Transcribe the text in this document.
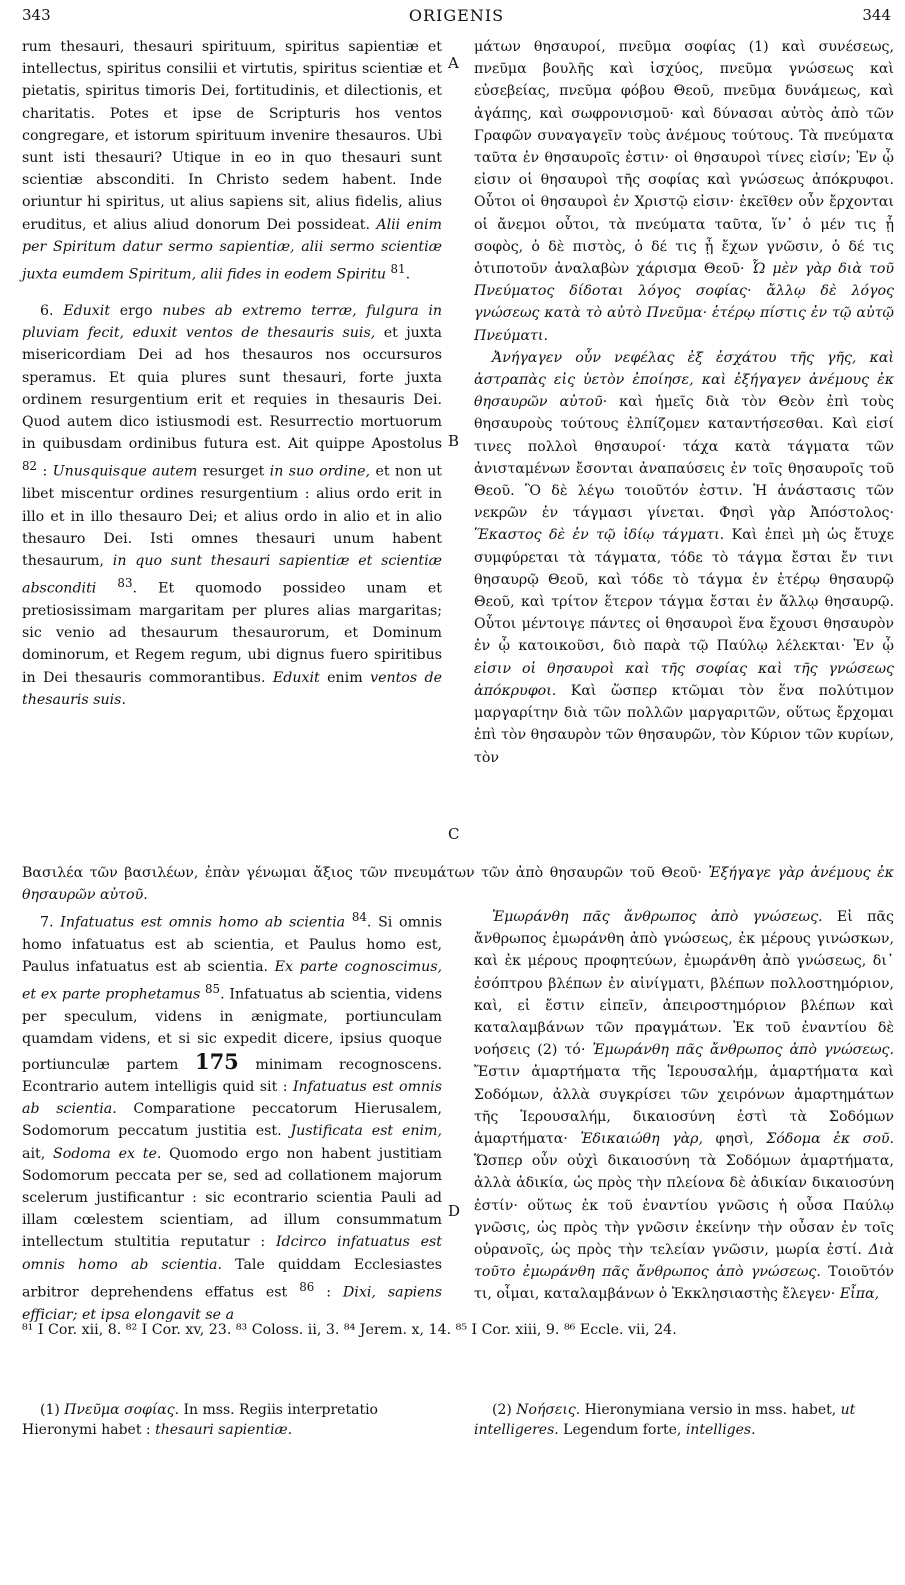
343	ORIGENIS	344
A
B
C
D

rum thesauri, thesauri spirituum, spiritus sapientiæ et intellectus, spiritus consilii et virtutis, spiritus scientiæ et pietatis, spiritus timoris Dei, fortitudinis, et dilectionis, et charitatis. Potes et ipse de Scripturis hos ventos congregare, et istorum spirituum invenire thesauros. Ubi sunt isti thesauri? Utique in eo in quo thesauri sunt scientiæ absconditi. In Christo sedem habent. Inde oriuntur hi spiritus, ut alius sapiens sit, alius fidelis, alius eruditus, et alius aliud donorum Dei possideat. Alii enim per Spiritum datur sermo sapientiæ, alii sermo scientiæ juxta eumdem Spiritum, alii fides in eodem Spiritu $^{81}$.

6. Eduxit ergo nubes ab extremo terræ, fulgura in pluviam fecit, eduxit ventos de thesauris suis, et juxta misericordiam Dei ad hos thesauros nos occursuros speramus. Et quia plures sunt thesauri, forte juxta ordinem resurgentium erit et requies in thesauris Dei. Quod autem dico istiusmodi est. Resurrectio mortuorum in quibusdam ordinibus futura est. Ait quippe Apostolus $^{82}$ : Unusquisque autem resurget in suo ordine, et non ut libet miscentur ordines resurgentium : alius ordo erit in illo et in illo thesauro Dei; et alius ordo in alio et in alio thesauro Dei. Isti omnes thesauri unum habent thesaurum, in quo sunt thesauri sapientiæ et scientiæ absconditi $^{83}$. Et quomodo possideo unam et pretiosissimam margaritam per plures alias margaritas; sic venio ad thesaurum thesaurorum, et Dominum dominorum, et Regem regum, ubi dignus fuero spiritibus in Dei thesauris commorantibus. Eduxit enim ventos de thesauris suis.

μάτων θησαυροί, πνεῦμα σοφίας (1) καὶ συνέσεως, πνεῦμα βουλῆς καὶ ἰσχύος, πνεῦμα γνώσεως καὶ εὐσεβείας, πνεῦμα φόβου Θεοῦ, πνεῦμα δυνάμεως, καὶ ἀγάπης, καὶ σωφρονισμοῦ· καὶ δύνασαι αὐτὸς ἀπὸ τῶν Γραφῶν συναγαγεῖν τοὺς ἀνέμους τούτους. Τὰ πνεύματα ταῦτα ἐν θησαυροῖς ἐστιν· οἱ θησαυροὶ τίνες εἰσίν; Ἐν ᾧ εἰσιν οἱ θησαυροὶ τῆς σοφίας καὶ γνώσεως ἀπόκρυφοι. Οὗτοι οἱ θησαυροὶ ἐν Χριστῷ εἰσιν· ἐκεῖθεν οὖν ἔρχονται οἱ ἄνεμοι οὗτοι, τὰ πνεύματα ταῦτα, ἵν᾽ ὁ μέν τις ᾖ σοφὸς, ὁ δὲ πιστὸς, ὁ δέ τις ᾖ ἔχων γνῶσιν, ὁ δέ τις ὁτιποτοῦν ἀναλαβὼν χάρισμα Θεοῦ· Ὧ μὲν γὰρ διὰ τοῦ Πνεύματος δίδοται λόγος σοφίας· ἄλλῳ δὲ λόγος γνώσεως κατὰ τὸ αὐτὸ Πνεῦμα· ἑτέρῳ πίστις ἐν τῷ αὐτῷ Πνεύματι.

Ἀνήγαγεν οὖν νεφέλας ἐξ ἐσχάτου τῆς γῆς, καὶ ἀστραπὰς εἰς ὑετὸν ἐποίησε, καὶ ἐξήγαγεν ἀνέμους ἐκ θησαυρῶν αὐτοῦ· καὶ ἡμεῖς διὰ τὸν Θεὸν ἐπὶ τοὺς θησαυροὺς τούτους ἐλπίζομεν καταντήσεσθαι. Καὶ εἰσί τινες πολλοὶ θησαυροί· τάχα κατὰ τάγματα τῶν ἀνισταμένων ἔσονται ἀναπαύσεις ἐν τοῖς θησαυροῖς τοῦ Θεοῦ. Ὃ δὲ λέγω τοιοῦτόν ἐστιν. Ἡ ἀνάστασις τῶν νεκρῶν ἐν τάγμασι γίνεται. Φησὶ γὰρ Ἀπόστολος· Ἕκαστος δὲ ἐν τῷ ἰδίῳ τάγματι. Καὶ ἐπεὶ μὴ ὡς ἔτυχε συμφύρεται τὰ τάγματα, τόδε τὸ τάγμα ἔσται ἔν τινι θησαυρῷ Θεοῦ, καὶ τόδε τὸ τάγμα ἐν ἑτέρῳ θησαυρῷ Θεοῦ, καὶ τρίτον ἕτερον τάγμα ἔσται ἐν ἄλλῳ θησαυρῷ. Οὗτοι μέντοιγε πάντες οἱ θησαυροὶ ἕνα ἔχουσι θησαυρὸν ἐν ᾧ κατοικοῦσι, διὸ παρὰ τῷ Παύλῳ λέλεκται· Ἐν ᾧ εἰσιν οἱ θησαυροὶ καὶ τῆς σοφίας καὶ τῆς γνώσεως ἀπόκρυφοι. Καὶ ὥσπερ κτῶμαι τὸν ἕνα πολύτιμον μαργαρίτην διὰ τῶν πολλῶν μαργαριτῶν, οὕτως ἔρχομαι ἐπὶ τὸν θησαυρὸν τῶν θησαυρῶν, τὸν Κύριον τῶν κυρίων, τὸν

Βασιλέα τῶν βασιλέων, ἐπὰν γένωμαι ἄξιος τῶν πνευμάτων τῶν ἀπὸ θησαυρῶν τοῦ Θεοῦ· Ἐξήγαγε γὰρ ἀνέμους ἐκ θησαυρῶν αὐτοῦ.

7. Infatuatus est omnis homo ab scientia $^{84}$. Si omnis homo infatuatus est ab scientia, et Paulus homo est, Paulus infatuatus est ab scientia. Ex parte cognoscimus, et ex parte prophetamus $^{85}$. Infatuatus ab scientia, videns per speculum, videns in ænigmate, portiunculam quamdam videns, et si sic expedit dicere, ipsius quoque portiunculæ partem 175 minimam recognoscens. Econtrario autem intelligis quid sit : Infatuatus est omnis ab scientia. Comparatione peccatorum Hierusalem, Sodomorum peccatum justitia est. Justificata est enim, ait, Sodoma ex te. Quomodo ergo non habent justitiam Sodomorum peccata per se, sed ad collationem majorum scelerum justificantur : sic econtrario scientia Pauli ad illam cœlestem scientiam, ad illum consummatum intellectum stultitia reputatur : Idcirco infatuatus est omnis homo ab scientia. Tale quiddam Ecclesiastes arbitror deprehendens effatus est $^{86}$ : Dixi, sapiens efficiar; et ipsa elongavit se a

Ἐμωράνθη πᾶς ἄνθρωπος ἀπὸ γνώσεως. Εἰ πᾶς ἄνθρωπος ἐμωράνθη ἀπὸ γνώσεως, ἐκ μέρους γινώσκων, καὶ ἐκ μέρους προφητεύων, ἐμωράνθη ἀπὸ γνώσεως, δι᾽ ἐσόπτρου βλέπων ἐν αἰνίγματι, βλέπων πολλοστημόριον, καὶ, εἰ ἔστιν εἰπεῖν, ἀπειροστημόριον βλέπων καὶ καταλαμβάνων τῶν πραγμάτων. Ἐκ τοῦ ἐναντίου δὲ νοήσεις (2) τό· Ἐμωράνθη πᾶς ἄνθρωπος ἀπὸ γνώσεως. Ἔστιν ἁμαρτήματα τῆς Ἱερουσαλήμ, ἁμαρτήματα καὶ Σοδόμων, ἀλλὰ συγκρίσει τῶν χειρόνων ἁμαρτημάτων τῆς Ἱερουσαλήμ, δικαιοσύνη ἐστὶ τὰ Σοδόμων ἁμαρτήματα· Ἐδικαιώθη γὰρ, φησὶ, Σόδομα ἐκ σοῦ. Ὥσπερ οὖν οὐχὶ δικαιοσύνη τὰ Σοδόμων ἁμαρτήματα, ἀλλὰ ἀδικία, ὡς πρὸς τὴν πλείονα δὲ ἀδικίαν δικαιοσύνη ἐστίν· οὕτως ἐκ τοῦ ἐναντίου γνῶσις ἡ οὖσα Παύλῳ γνῶσις, ὡς πρὸς τὴν γνῶσιν ἐκείνην τὴν οὖσαν ἐν τοῖς οὐρανοῖς, ὡς πρὸς τὴν τελείαν γνῶσιν, μωρία ἐστί. Διὰ τοῦτο ἐμωράνθη πᾶς ἄνθρωπος ἀπὸ γνώσεως. Τοιοῦτόν τι, οἶμαι, καταλαμβάνων ὁ Ἐκκλησιαστὴς ἔλεγεν· Εἶπα,

⁸¹ I Cor. xii, 8. ⁸² I Cor. xv, 23. ⁸³ Coloss. ii, 3. ⁸⁴ Jerem. x, 14. ⁸⁵ I Cor. xiii, 9. ⁸⁶ Eccle. vii, 24.

(1) Πνεῦμα σοφίας. In mss. Regiis interpretatio Hieronymi habet : thesauri sapientiæ.

(2) Νοήσεις. Hieronymiana versio in mss. habet, ut intelligeres. Legendum forte, intelliges.
